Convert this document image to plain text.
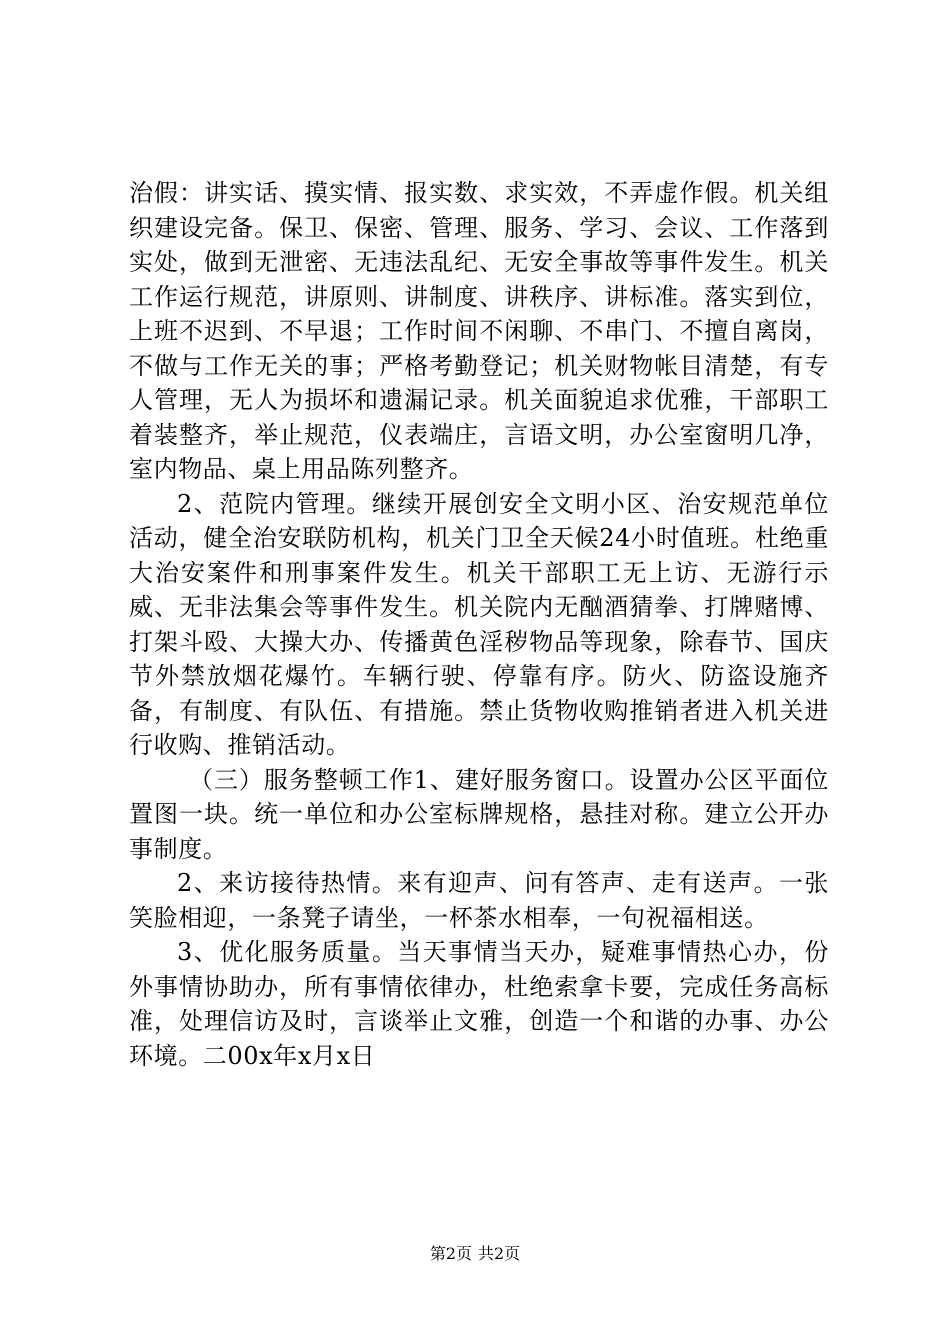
治假：讲实话、摸实情、报实数、求实效，不弄虚作假。机关组织建设完备。保卫、保密、管理、服务、学习、会议、工作落到实处，做到无泄密、无违法乱纪、无安全事故等事件发生。机关工作运行规范，讲原则、讲制度、讲秩序、讲标准。落实到位，上班不迟到、不早退；工作时间不闲聊、不串门、不擅自离岗，不做与工作无关的事；严格考勤登记；机关财物帐目清楚，有专人管理，无人为损坏和遗漏记录。机关面貌追求优雅，干部职工着装整齐，举止规范，仪表端庄，言语文明，办公室窗明几净，室内物品、桌上用品陈列整齐。

2、范院内管理。继续开展创安全文明小区、治安规范单位活动，健全治安联防机构，机关门卫全天候24小时值班。杜绝重大治安案件和刑事案件发生。机关干部职工无上访、无游行示威、无非法集会等事件发生。机关院内无酗酒猜拳、打牌赌博、打架斗殴、大操大办、传播黄色淫秽物品等现象，除春节、国庆节外禁放烟花爆竹。车辆行驶、停靠有序。防火、防盗设施齐备，有制度、有队伍、有措施。禁止货物收购推销者进入机关进行收购、推销活动。

（三）服务整顿工作1、建好服务窗口。设置办公区平面位置图一块。统一单位和办公室标牌规格，悬挂对称。建立公开办事制度。

2、来访接待热情。来有迎声、问有答声、走有送声。一张笑脸相迎，一条凳子请坐，一杯茶水相奉，一句祝福相送。

3、优化服务质量。当天事情当天办，疑难事情热心办，份外事情协助办，所有事情依律办，杜绝索拿卡要，完成任务高标准，处理信访及时，言谈举止文雅，创造一个和谐的办事、办公环境。二00x年x月x日

第2页 共2页
